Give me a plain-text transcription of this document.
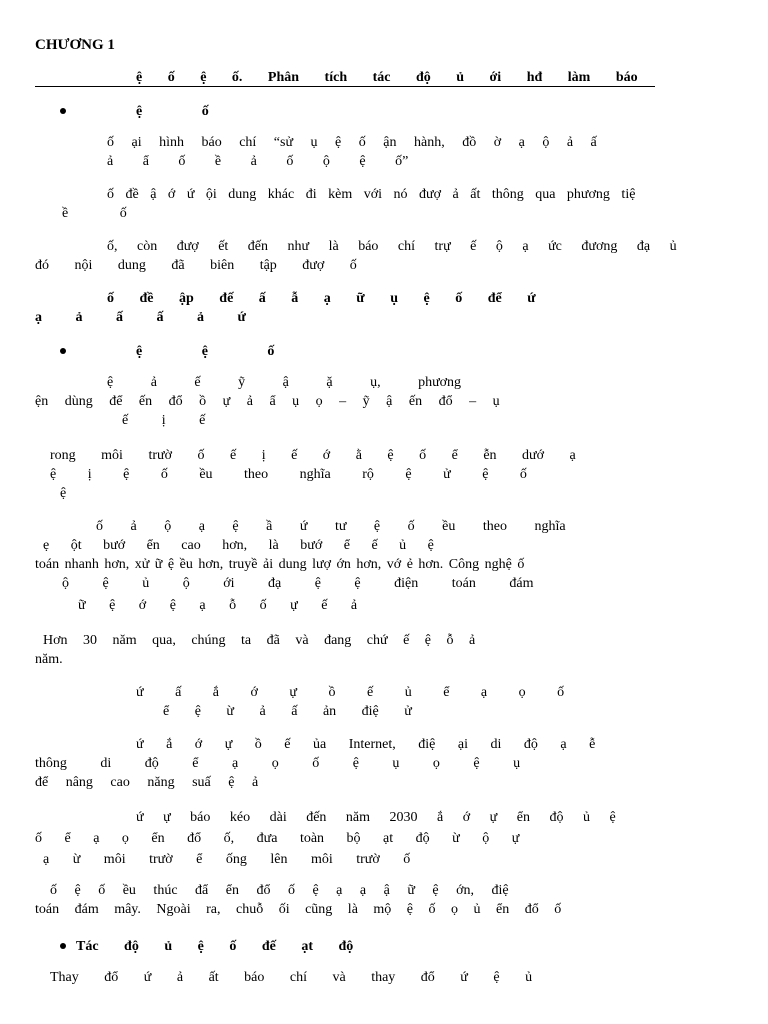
CHƯƠNG 1
ệ ố ệ ố. Phân tích tác độ ủ ới hđ làm báo
ệ ố
ố ại hình báo chí “sử ụ ệ ố ận hành, đồ ờ ạ ộ ả ấ
ả ẩ ố ề ả ố ộ ệ ố”
ố đề ậ ớ ứ ội dung khác đi kèm với nó đượ ả ất thông qua phương tiệ
ề ố
ố, còn đượ ết đến như là báo chí trự ế ộ ạ ức đương đạ ủ
đó nội dung đã biên tập đượ ố
ố đề ập đế ấ ẫ ạ ữ ụ ệ ố để ứ
ạ ả ấ ấ ả ứ
ệ ệ ố
ệ ả ế ỹ ậ ặ ụ, phương
ện dùng để ến đổ ồ ự ả ẩ ụ ọ – ỹ ậ ến đổ – ụ
ế ị ế
rong môi trườ ố ế ị ế ớ ằ ệ ố ể ễn dướ ạ
ệ ị ệ ố ều theo nghĩa rộ ệ ử ệ ố
ệ
ố ả ộ ạ ệ ầ ứ tư ệ ố ều theo nghĩa
ẹ ột bướ ển cao hơn, là bướ ể ế ủ ệ
toán nhanh hơn, xử ữ ệ ều hơn, truyề ải dung lượ ớn hơn, vớ ẻ hơn. Công nghệ ố
ộ ệ ủ ộ ới đạ ệ ệ điện toán đám
ữ ệ ớ ệ ạ ỗ ố ự ế ả
Hơn 30 năm qua, chúng ta đã và đang chứ ế ệ ỗ ả
năm.
ứ ấ ắ ớ ự ồ ế ủ ể ạ ọ ố
ể ệ ừ ả ấ ản điệ ử
ứ ắ ớ ự ồ ế ủa Internet, điệ ại di độ ạ ễ
thông di độ ể ạ ọ ố ệ ụ ọ ệ ụ
để nâng cao năng suấ ệ ả
ứ ự báo kéo dài đến năm 2030 ắ ớ ự ển độ ủ ệ
ố ể ạ ọ ển đổ ố, đưa toàn bộ ạt độ ừ ộ ự
ạ ừ môi trườ ể ống lên môi trườ ố
ố ệ ố ều thúc đẩ ển đổ ố ệ ạ ạ ậ ữ ệ ớn, điệ
toán đám mây. Ngoài ra, chuỗ ối cũng là mộ ệ ố ọ ủ ển đổ ố
Tác độ ủ ệ ố đế ạt độ
Thay đổ ứ ả ất báo chí và thay đổ ứ ệ ủ
